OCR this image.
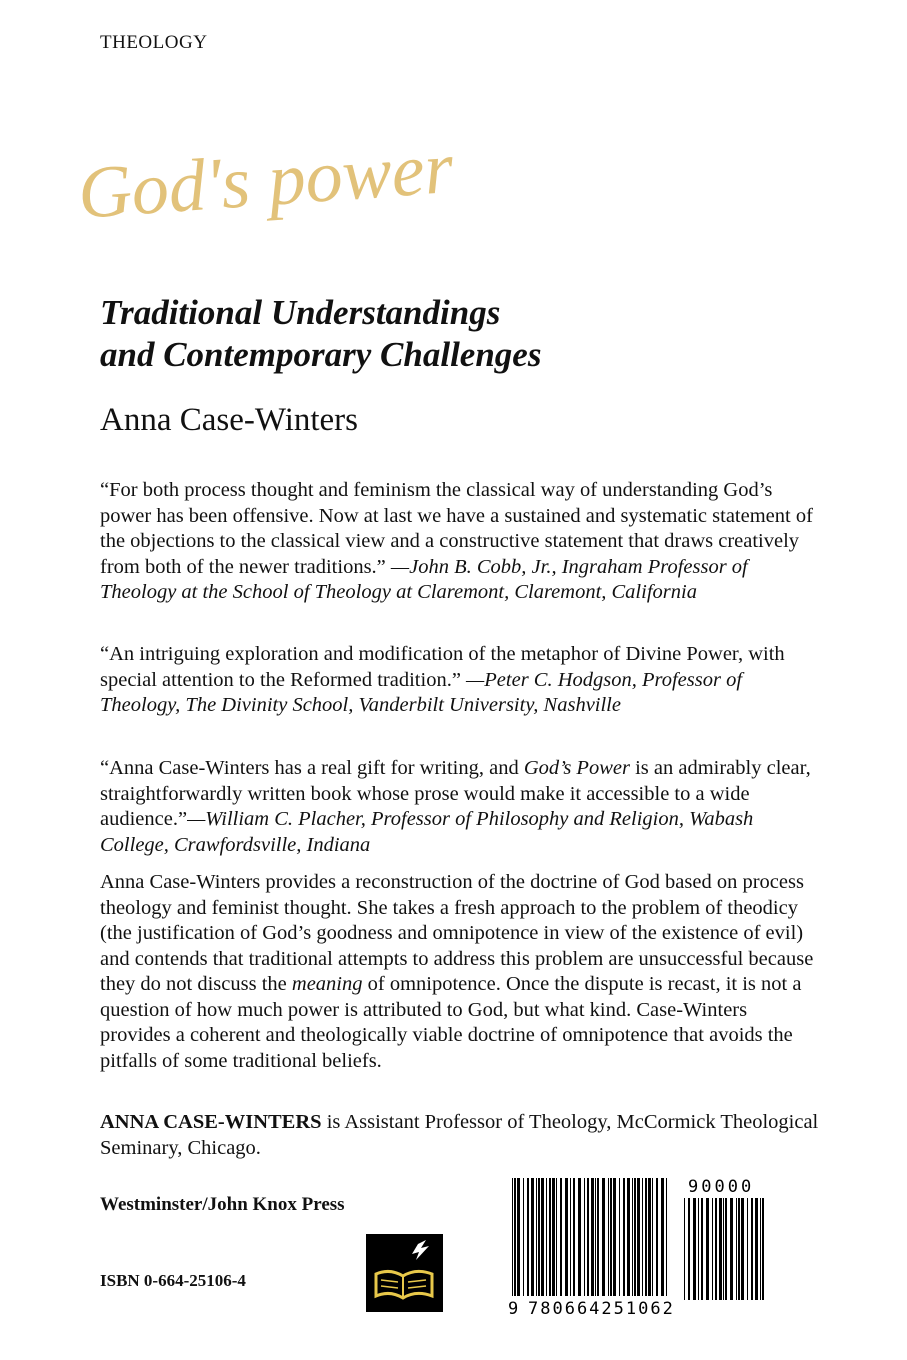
THEOLOGY
God's power
Traditional Understandings
and Contemporary Challenges
Anna Case-Winters
“For both process thought and feminism the classical way of understanding God’s power has been offensive. Now at last we have a sustained and systematic statement of the objections to the classical view and a constructive statement that draws creatively from both of the newer traditions.” —John B. Cobb, Jr., Ingraham Professor of Theology at the School of Theology at Claremont, Claremont, California
“An intriguing exploration and modification of the metaphor of Divine Power, with special attention to the Reformed tradition.” —Peter C. Hodgson, Professor of Theology, The Divinity School, Vanderbilt University, Nashville
“Anna Case-Winters has a real gift for writing, and God’s Power is an admirably clear, straightforwardly written book whose prose would make it accessible to a wide audience.”—William C. Placher, Professor of Philosophy and Religion, Wabash College, Crawfordsville, Indiana
Anna Case-Winters provides a reconstruction of the doctrine of God based on process theology and feminist thought. She takes a fresh approach to the problem of theodicy (the justification of God’s goodness and omnipotence in view of the existence of evil) and contends that traditional attempts to address this problem are unsuccessful because they do not discuss the meaning of omnipotence. Once the dispute is recast, it is not a question of how much power is attributed to God, but what kind. Case-Winters provides a coherent and theologically viable doctrine of omnipotence that avoids the pitfalls of some traditional beliefs.
ANNA CASE-WINTERS is Assistant Professor of Theology, McCormick Theological Seminary, Chicago.
Westminster/John Knox Press
ISBN 0-664-25106-4
9 780664251062
90000
